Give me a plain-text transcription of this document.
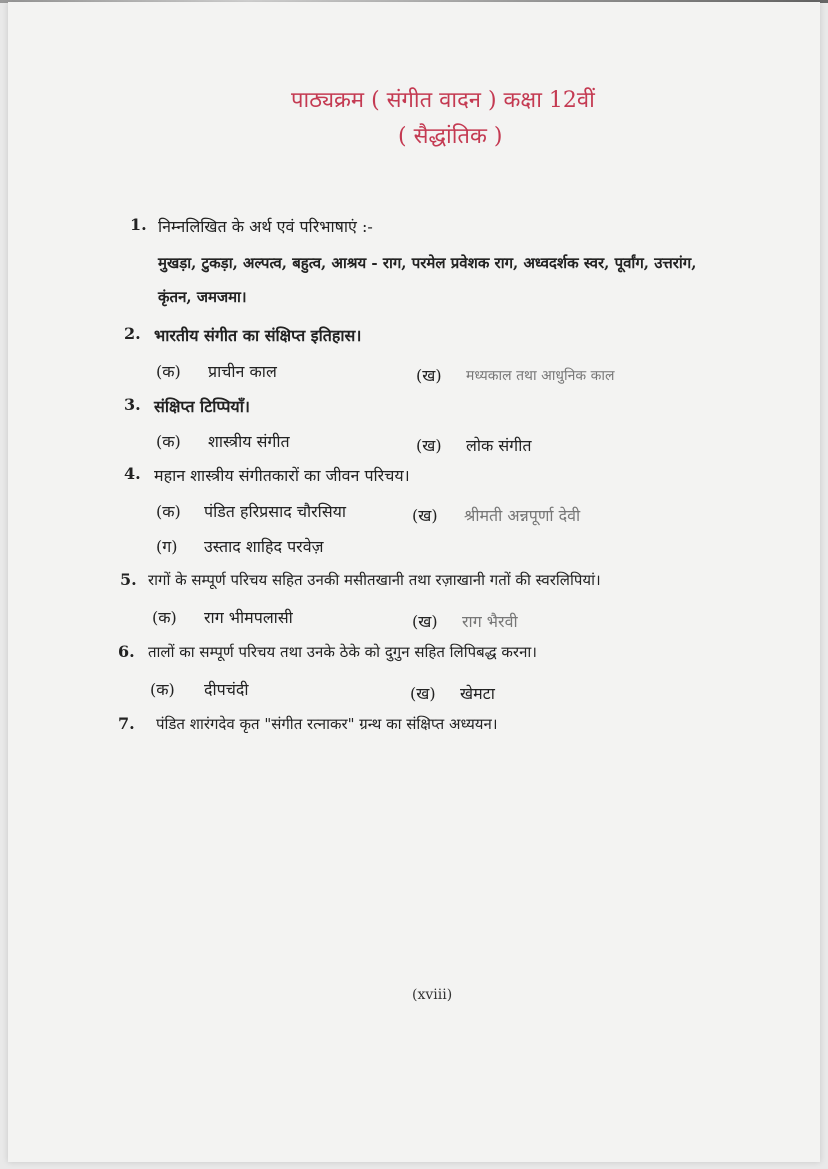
पाठ्यक्रम ( संगीत वादन ) कक्षा 12वीं
( सैद्धांतिक )
1. निम्नलिखित के अर्थ एवं परिभाषाएं :-
मुखड़ा, टुकड़ा, अल्पत्व, बहुत्व, आश्रय - राग, परमेल प्रवेशक राग, अध्वदर्शक स्वर, पूर्वांग, उत्तरांग,
कृंतन, जमजमा।
2. भारतीय संगीत का संक्षिप्त इतिहास।
(क) प्राचीन काल	(ख) मध्यकाल तथा आधुनिक काल
3. संक्षिप्त टिप्पियाँ।
(क) शास्त्रीय संगीत	(ख) लोक संगीत
4. महान शास्त्रीय संगीतकारों का जीवन परिचय।
(क) पंडित हरिप्रसाद चौरसिया	(ख) श्रीमती अन्नपूर्णा देवी
(ग) उस्ताद शाहिद परवेज़
5. रागों के सम्पूर्ण परिचय सहित उनकी मसीतखानी तथा रज़ाखानी गतों की स्वरलिपियां।
(क) राग भीमपलासी	(ख) राग भैरवी
6. तालों का सम्पूर्ण परिचय तथा उनके ठेके को दुगुन सहित लिपिबद्ध करना।
(क) दीपचंदी	(ख) खेमटा
7. पंडित शारंगदेव कृत "संगीत रत्नाकर" ग्रन्थ का संक्षिप्त अध्ययन।
(xviii)
